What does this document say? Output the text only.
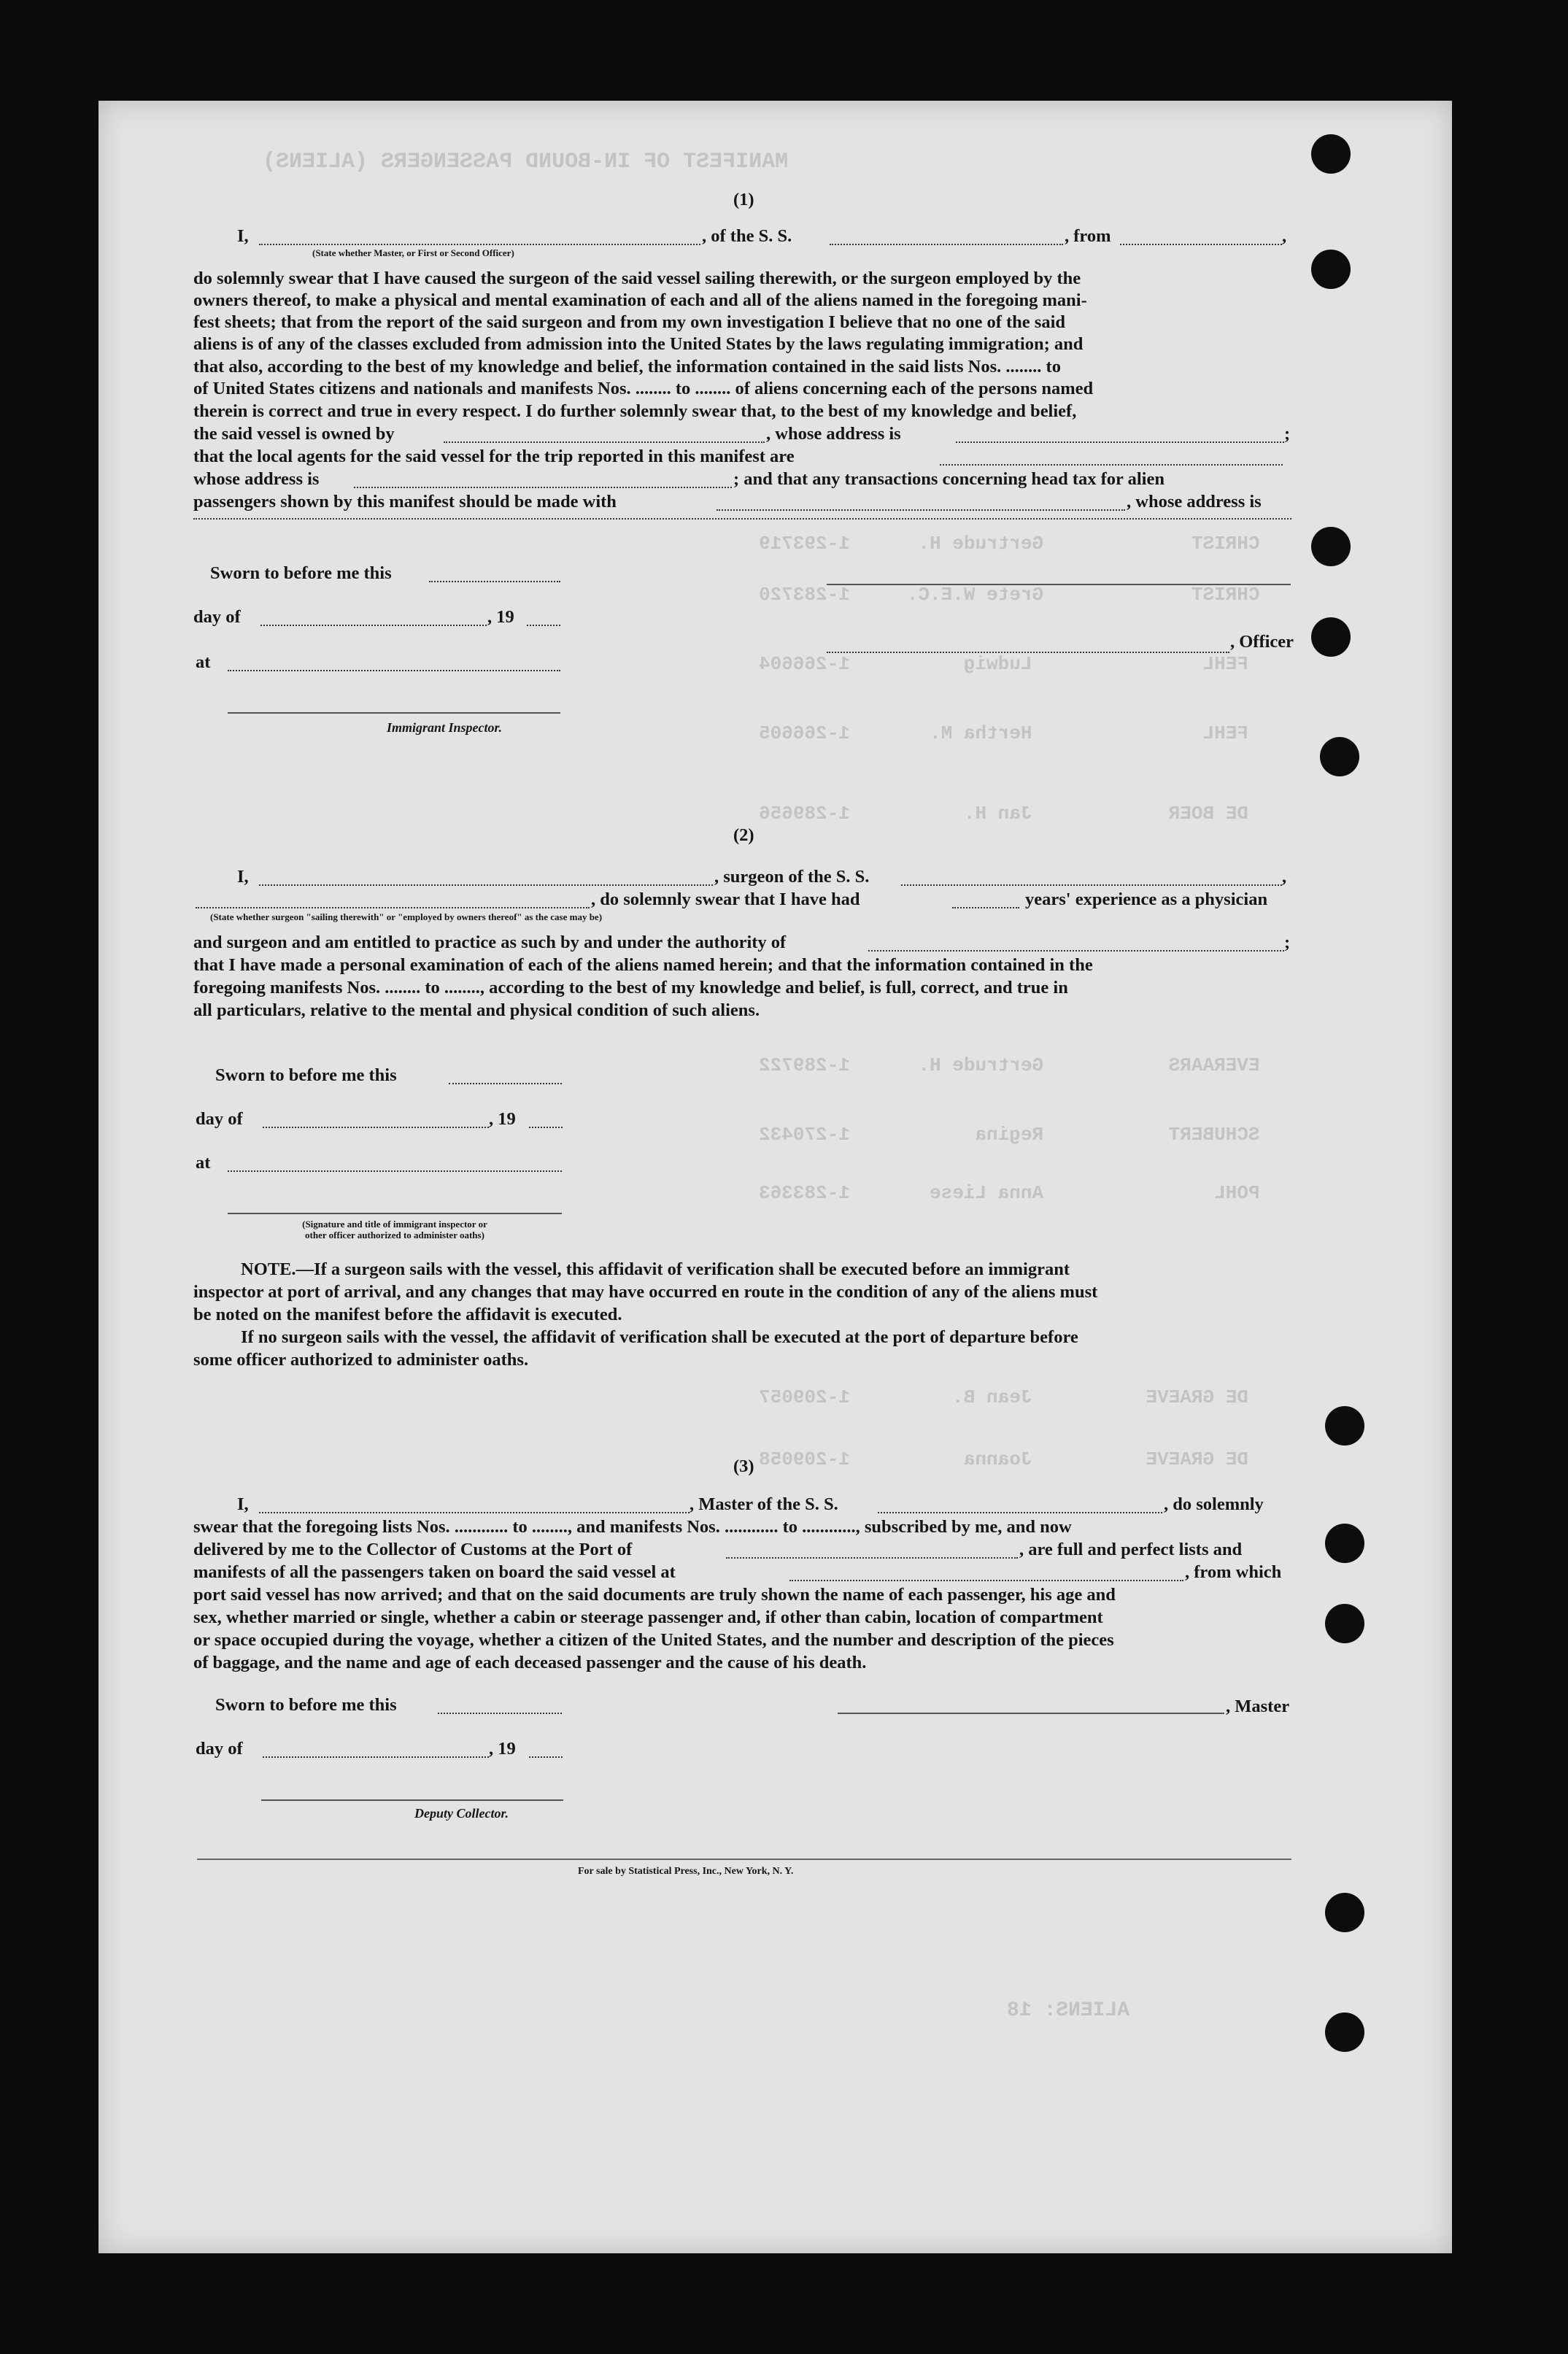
CHRIST             Gertrude H.      1-293719
CHRIST             Grete W.E.C.     1-283720
FEHL               Ludwig          1-266604
FEHL               Hertha M.       1-266605
DE BOER            Jan H.          1-289656
EVERAARS           Gertrude H.      1-289722
SCHUBERT           Regina           1-270432
POHL               Anna Liese       1-283363
DE GRAEVE          Jean B.         1-209057
DE GRAEVE          Joanna          1-209058
MANIFEST OF IN-BOUND PASSENGERS (ALIENS)
ALIENS: 18
(1)
I,	, of the S. S.	, from	,
(State whether Master, or First or Second Officer)
do solemnly swear that I have caused the surgeon of the said vessel sailing therewith, or the surgeon employed by the
owners thereof, to make a physical and mental examination of each and all of the aliens named in the foregoing mani-
fest sheets; that from the report of the said surgeon and from my own investigation I believe that no one of the said
aliens is of any of the classes excluded from admission into the United States by the laws regulating immigration; and
that also, according to the best of my knowledge and belief, the information contained in the said lists Nos. ........ to
of United States citizens and nationals and manifests Nos. ........ to ........ of aliens concerning each of the persons named
therein is correct and true in every respect. I do further solemnly swear that, to the best of my knowledge and belief,
the said vessel is owned by	, whose address is	;
that the local agents for the said vessel for the trip reported in this manifest are
whose address is	; and that any transactions concerning head tax for alien
passengers shown by this manifest should be made with	, whose address is
Sworn to before me this
day of	, 19
at
, Officer
Immigrant Inspector.
(2)
I,	, surgeon of the S. S.	,
, do solemnly swear that I have had	years' experience as a physician
(State whether surgeon "sailing therewith" or "employed by owners thereof" as the case may be)
and surgeon and am entitled to practice as such by and under the authority of	;
that I have made a personal examination of each of the aliens named herein; and that the information contained in the
foregoing manifests Nos. ........ to ........, according to the best of my knowledge and belief, is full, correct, and true in
all particulars, relative to the mental and physical condition of such aliens.
Sworn to before me this
day of	, 19
at
(Signature and title of immigrant inspector or
other officer authorized to administer oaths)
NOTE.—If a surgeon sails with the vessel, this affidavit of verification shall be executed before an immigrant
inspector at port of arrival, and any changes that may have occurred en route in the condition of any of the aliens must
be noted on the manifest before the affidavit is executed.
If no surgeon sails with the vessel, the affidavit of verification shall be executed at the port of departure before
some officer authorized to administer oaths.
(3)
I,	, Master of the S. S.	, do solemnly
swear that the foregoing lists Nos. ............ to ........, and manifests Nos. ............ to ............, subscribed by me, and now
delivered by me to the Collector of Customs at the Port of	, are full and perfect lists and
manifests of all the passengers taken on board the said vessel at	, from which
port said vessel has now arrived; and that on the said documents are truly shown the name of each passenger, his age and
sex, whether married or single, whether a cabin or steerage passenger and, if other than cabin, location of compartment
or space occupied during the voyage, whether a citizen of the United States, and the number and description of the pieces
of baggage, and the name and age of each deceased passenger and the cause of his death.
Sworn to before me this	, Master
day of	, 19
Deputy Collector.
For sale by Statistical Press, Inc., New York, N. Y.
